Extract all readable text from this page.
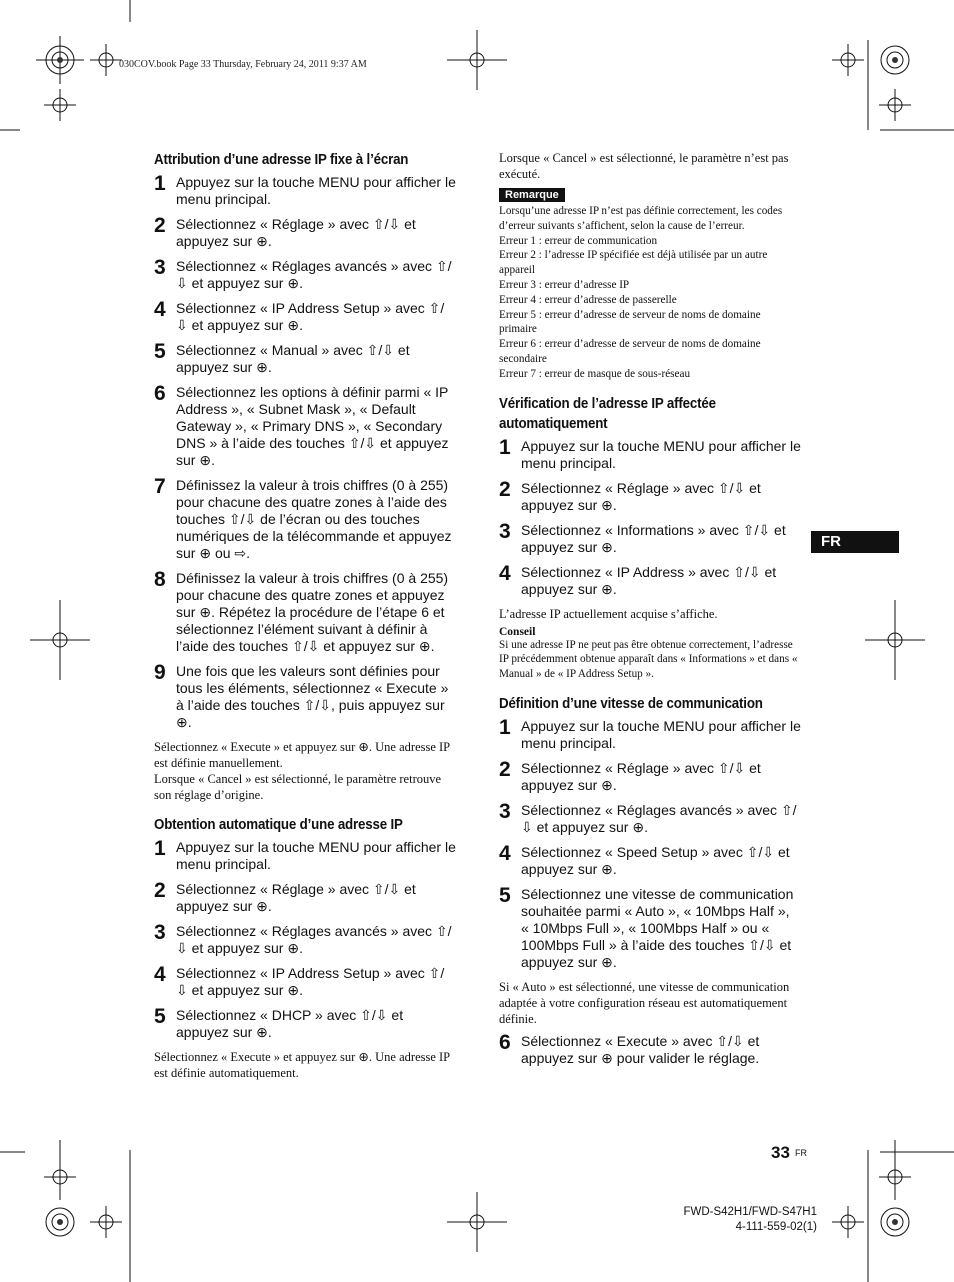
030COV.book Page 33 Thursday, February 24, 2011 9:37 AM
Attribution d’une adresse IP fixe à l’écran
1 Appuyez sur la touche MENU pour afficher le menu principal.
2 Sélectionnez « Réglage » avec ⇧/⇩ et appuyez sur ⊕.
3 Sélectionnez « Réglages avancés » avec ⇧/⇩ et appuyez sur ⊕.
4 Sélectionnez « IP Address Setup » avec ⇧/⇩ et appuyez sur ⊕.
5 Sélectionnez « Manual » avec ⇧/⇩ et appuyez sur ⊕.
6 Sélectionnez les options à définir parmi « IP Address », « Subnet Mask », « Default Gateway », « Primary DNS », « Secondary DNS » à l’aide des touches ⇧/⇩ et appuyez sur ⊕.
7 Définissez la valeur à trois chiffres (0 à 255) pour chacune des quatre zones à l’aide des touches ⇧/⇩ de l’écran ou des touches numériques de la télécommande et appuyez sur ⊕ ou ⇨.
8 Définissez la valeur à trois chiffres (0 à 255) pour chacune des quatre zones et appuyez sur ⊕. Répétez la procédure de l’étape 6 et sélectionnez l’élément suivant à définir à l’aide des touches ⇧/⇩ et appuyez sur ⊕.
9 Une fois que les valeurs sont définies pour tous les éléments, sélectionnez « Execute » à l’aide des touches ⇧/⇩, puis appuyez sur ⊕.
Sélectionnez « Execute » et appuyez sur ⊕. Une adresse IP est définie manuellement.
Lorsque « Cancel » est sélectionné, le paramètre retrouve son réglage d’origine.
Obtention automatique d’une adresse IP
1 Appuyez sur la touche MENU pour afficher le menu principal.
2 Sélectionnez « Réglage » avec ⇧/⇩ et appuyez sur ⊕.
3 Sélectionnez « Réglages avancés » avec ⇧/⇩ et appuyez sur ⊕.
4 Sélectionnez « IP Address Setup » avec ⇧/⇩ et appuyez sur ⊕.
5 Sélectionnez « DHCP » avec ⇧/⇩ et appuyez sur ⊕.
Sélectionnez « Execute » et appuyez sur ⊕. Une adresse IP est définie automatiquement.
Lorsque « Cancel » est sélectionné, le paramètre n’est pas exécuté.
Remarque
Lorsqu’une adresse IP n’est pas définie correctement, les codes d’erreur suivants s’affichent, selon la cause de l’erreur.
Erreur 1 : erreur de communication
Erreur 2 : l’adresse IP spécifiée est déjà utilisée par un autre appareil
Erreur 3 : erreur d’adresse IP
Erreur 4 : erreur d’adresse de passerelle
Erreur 5 : erreur d’adresse de serveur de noms de domaine primaire
Erreur 6 : erreur d’adresse de serveur de noms de domaine secondaire
Erreur 7 : erreur de masque de sous-réseau
Vérification de l’adresse IP affectée automatiquement
1 Appuyez sur la touche MENU pour afficher le menu principal.
2 Sélectionnez « Réglage » avec ⇧/⇩ et appuyez sur ⊕.
3 Sélectionnez « Informations » avec ⇧/⇩ et appuyez sur ⊕.
4 Sélectionnez « IP Address » avec ⇧/⇩ et appuyez sur ⊕.
L’adresse IP actuellement acquise s’affiche.
Conseil
Si une adresse IP ne peut pas être obtenue correctement, l’adresse IP précédemment obtenue apparaît dans « Informations » et dans « Manual » de « IP Address Setup ».
Définition d’une vitesse de communication
1 Appuyez sur la touche MENU pour afficher le menu principal.
2 Sélectionnez « Réglage » avec ⇧/⇩ et appuyez sur ⊕.
3 Sélectionnez « Réglages avancés » avec ⇧/⇩ et appuyez sur ⊕.
4 Sélectionnez « Speed Setup » avec ⇧/⇩ et appuyez sur ⊕.
5 Sélectionnez une vitesse de communication souhaitée parmi « Auto », « 10Mbps Half », « 10Mbps Full », « 100Mbps Half » ou « 100Mbps Full » à l’aide des touches ⇧/⇩ et appuyez sur ⊕.
Si « Auto » est sélectionné, une vitesse de communication adaptée à votre configuration réseau est automatiquement définie.
6 Sélectionnez « Execute » avec ⇧/⇩ et appuyez sur ⊕ pour valider le réglage.
FR
33 FR
FWD-S42H1/FWD-S47H1
4-111-559-02(1)
